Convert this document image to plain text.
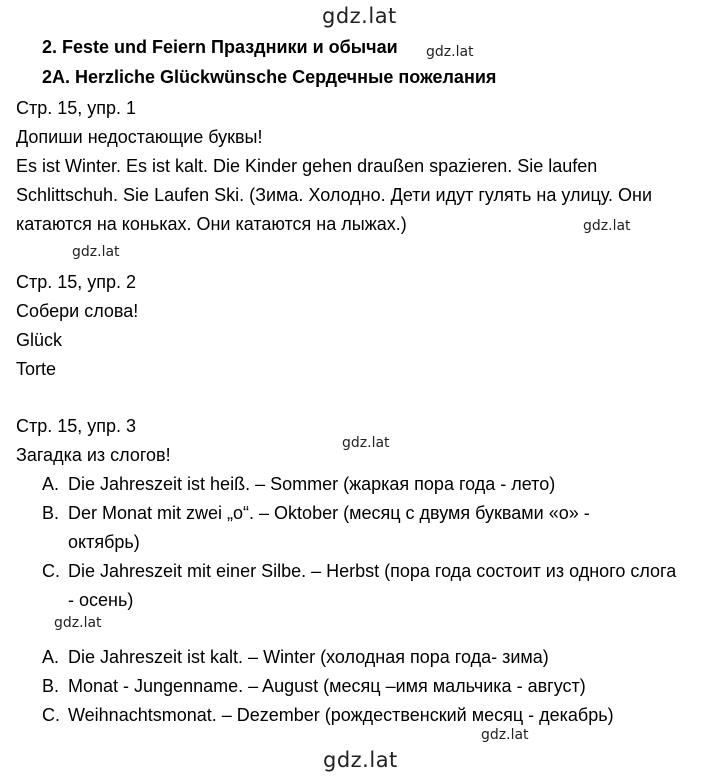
gdz.lat
gdz.lat
gdz.lat
gdz.lat
gdz.lat
gdz.lat
gdz.lat
gdz.lat
2. Feste und Feiern Праздники и обычаи
2A. Herzliche Glückwünsche Сердечные пожелания
Стр. 15, упр. 1
Допиши недостающие буквы!
Es ist Winter. Es ist kalt. Die Kinder gehen draußen spazieren. Sie laufen
Schlittschuh. Sie Laufen Ski. (Зима. Холодно. Дети идут гулять на улицу. Они
катаются на коньках. Они катаются на лыжах.)
Стр. 15, упр. 2
Собери слова!
Glück
Torte
Стр. 15, упр. 3
Загадка из слогов!
A. Die Jahreszeit ist heiß. – Sommer (жаркая пора года - лето)
B. Der Monat mit zwei „o“. – Oktober (месяц с двумя буквами «о» -
октябрь)
C. Die Jahreszeit mit einer Silbe. – Herbst (пора года состоит из одного слога
- осень)
A. Die Jahreszeit ist kalt. – Winter (холодная пора года- зима)
B. Monat - Jungenname. – August (месяц –имя мальчика - август)
C. Weihnachtsmonat. – Dezember (рождественский месяц - декабрь)
